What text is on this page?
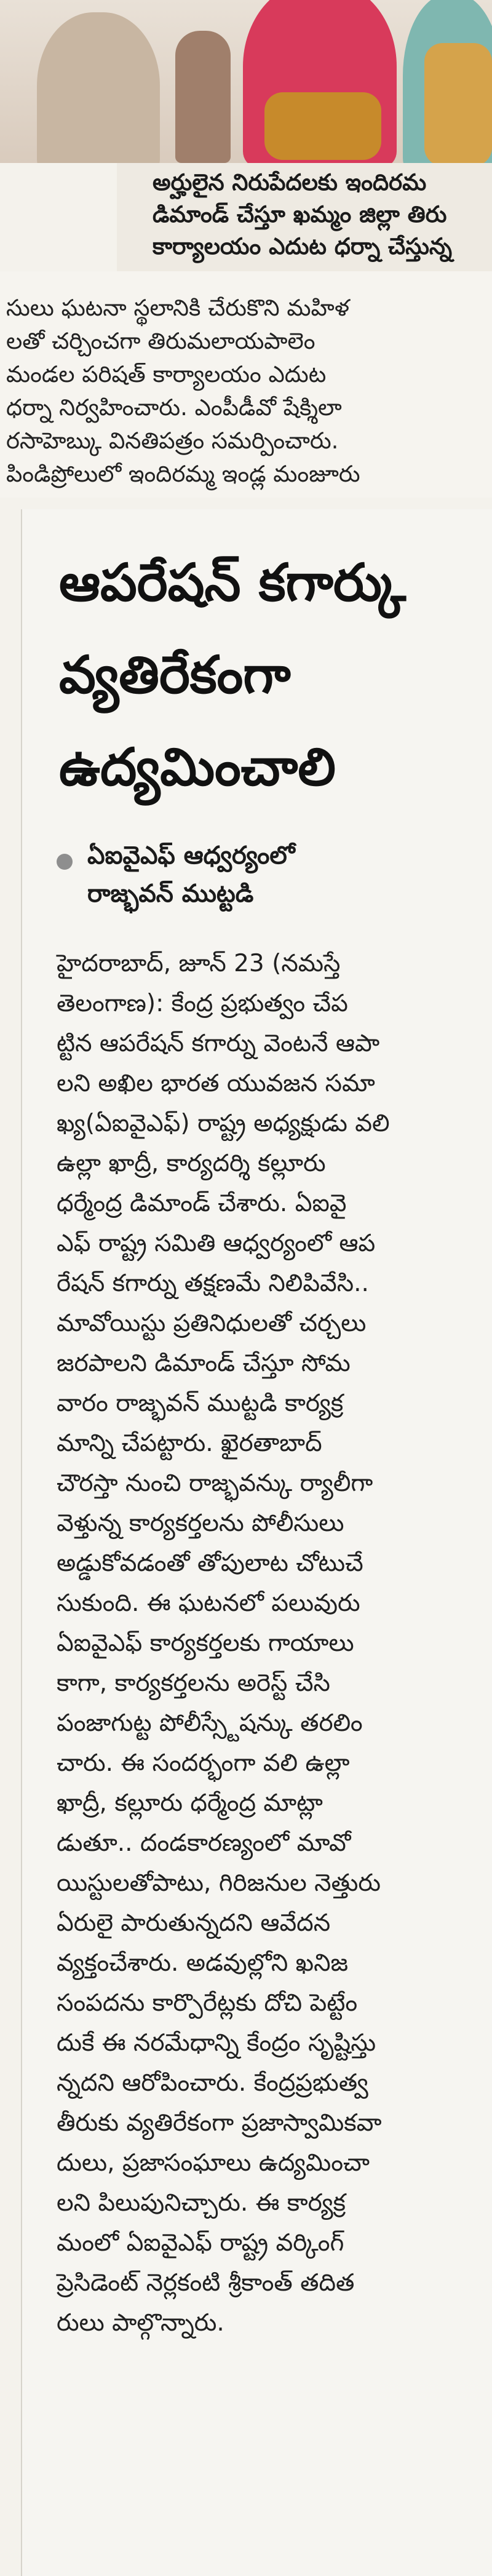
అర్హులైన నిరుపేదలకు ఇందిరమ
డిమాండ్ చేస్తూ ఖమ్మం జిల్లా తిరు
కార్యాలయం ఎదుట ధర్నా చేస్తున్న
సులు ఘటనా స్థలానికి చేరుకొని మహిళ
లతో చర్చించగా తిరుమలాయపాలెం
మండల పరిషత్ కార్యాలయం ఎదుట
ధర్నా నిర్వహించారు. ఎంపీడీవో షేక్శిలా
రసాహెబ్కు వినతిపత్రం సమర్పించారు.
పిండిప్రోలులో ఇందిరమ్మ ఇండ్ల మంజూరు
ఆపరేషన్ కగార్కు
వ్యతిరేకంగా
ఉద్యమించాలి
ఏఐవైఎఫ్ ఆధ్వర్యంలో
రాజ్భవన్ ముట్టడి
హైదరాబాద్, జూన్ 23 (నమస్తే
తెలంగాణ): కేంద్ర ప్రభుత్వం చేప
ట్టిన ఆపరేషన్ కగార్ను వెంటనే ఆపా
లని అఖిల భారత యువజన సమా
ఖ్య(ఏఐవైఎఫ్) రాష్ట్ర అధ్యక్షుడు వలి
ఉల్లా ఖాద్రీ, కార్యదర్శి కల్లూరు
ధర్మేంద్ర డిమాండ్ చేశారు. ఏఐవై
ఎఫ్ రాష్ట్ర సమితి ఆధ్వర్యంలో ఆప
రేషన్ కగార్ను తక్షణమే నిలిపివేసి..
మావోయిస్టు ప్రతినిధులతో చర్చలు
జరపాలని డిమాండ్ చేస్తూ సోమ
వారం రాజ్భవన్ ముట్టడి కార్యక్ర
మాన్ని చేపట్టారు. ఖైరతాబాద్
చౌరస్తా నుంచి రాజ్భవన్కు ర్యాలీగా
వెళ్తున్న కార్యకర్తలను పోలీసులు
అడ్డుకోవడంతో తోపులాట చోటుచే
సుకుంది. ఈ ఘటనలో పలువురు
ఏఐవైఎఫ్ కార్యకర్తలకు గాయాలు
కాగా, కార్యకర్తలను అరెస్ట్ చేసి
పంజాగుట్ట పోలీస్స్టేషన్కు తరలిం
చారు. ఈ సందర్భంగా వలి ఉల్లా
ఖాద్రీ, కల్లూరు ధర్మేంద్ర మాట్లా
డుతూ.. దండకారణ్యంలో మావో
యిస్టులతోపాటు, గిరిజనుల నెత్తురు
ఏరులై పారుతున్నదని ఆవేదన
వ్యక్తంచేశారు. అడవుల్లోని ఖనిజ
సంపదను కార్పొరేట్లకు దోచి పెట్టేం
దుకే ఈ నరమేధాన్ని కేంద్రం సృష్టిస్తు
న్నదని ఆరోపించారు. కేంద్రప్రభుత్వ
తీరుకు వ్యతిరేకంగా ప్రజాస్వామికవా
దులు, ప్రజాసంఘాలు ఉద్యమించా
లని పిలుపునిచ్చారు. ఈ కార్యక్ర
మంలో ఏఐవైఎఫ్ రాష్ట్ర వర్కింగ్
ప్రెసిడెంట్ నెర్లకంటి శ్రీకాంత్ తదిత
రులు పాల్గొన్నారు.
